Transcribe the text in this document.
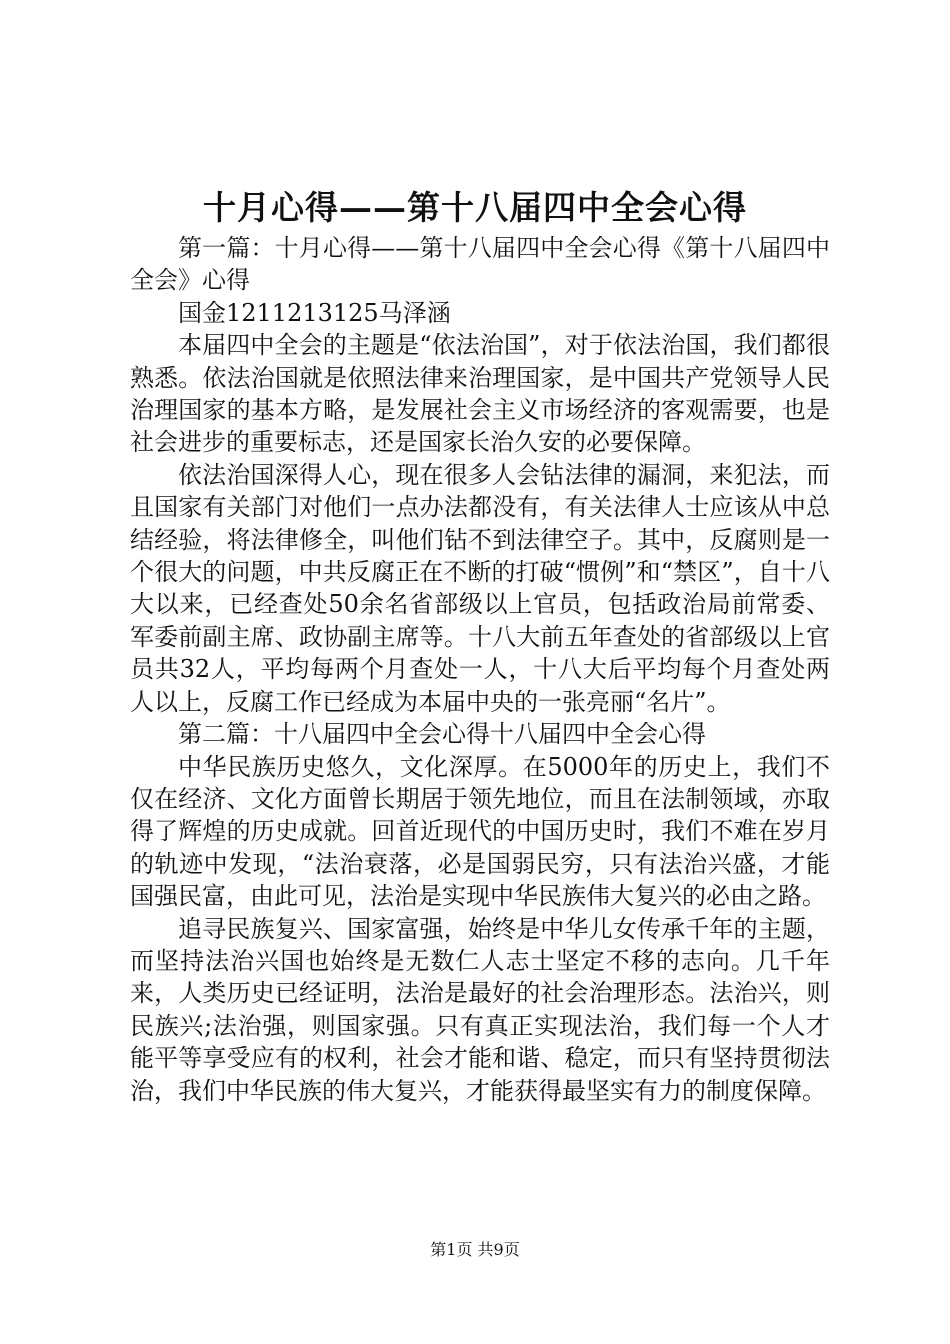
十月心得——第十八届四中全会心得

第一篇：十月心得——第十八届四中全会心得《第十八届四中全会》心得

国金1211213125马泽涵

本届四中全会的主题是“依法治国”，对于依法治国，我们都很熟悉。依法治国就是依照法律来治理国家，是中国共产党领导人民治理国家的基本方略，是发展社会主义市场经济的客观需要，也是社会进步的重要标志，还是国家长治久安的必要保障。

依法治国深得人心，现在很多人会钻法律的漏洞，来犯法，而且国家有关部门对他们一点办法都没有，有关法律人士应该从中总结经验，将法律修全，叫他们钻不到法律空子。其中，反腐则是一个很大的问题，中共反腐正在不断的打破“惯例”和“禁区”，自十八大以来，已经查处50余名省部级以上官员，包括政治局前常委、军委前副主席、政协副主席等。十八大前五年查处的省部级以上官员共32人，平均每两个月查处一人，十八大后平均每个月查处两人以上，反腐工作已经成为本届中央的一张亮丽“名片”。

第二篇：十八届四中全会心得十八届四中全会心得

中华民族历史悠久，文化深厚。在5000年的历史上，我们不仅在经济、文化方面曾长期居于领先地位，而且在法制领域，亦取得了辉煌的历史成就。回首近现代的中国历史时，我们不难在岁月的轨迹中发现，“法治衰落，必是国弱民穷，只有法治兴盛，才能国强民富，由此可见，法治是实现中华民族伟大复兴的必由之路。

追寻民族复兴、国家富强，始终是中华儿女传承千年的主题，而坚持法治兴国也始终是无数仁人志士坚定不移的志向。几千年来，人类历史已经证明，法治是最好的社会治理形态。法治兴，则民族兴;法治强，则国家强。只有真正实现法治，我们每一个人才能平等享受应有的权利，社会才能和谐、稳定，而只有坚持贯彻法治，我们中华民族的伟大复兴，才能获得最坚实有力的制度保障。

第1页 共9页
